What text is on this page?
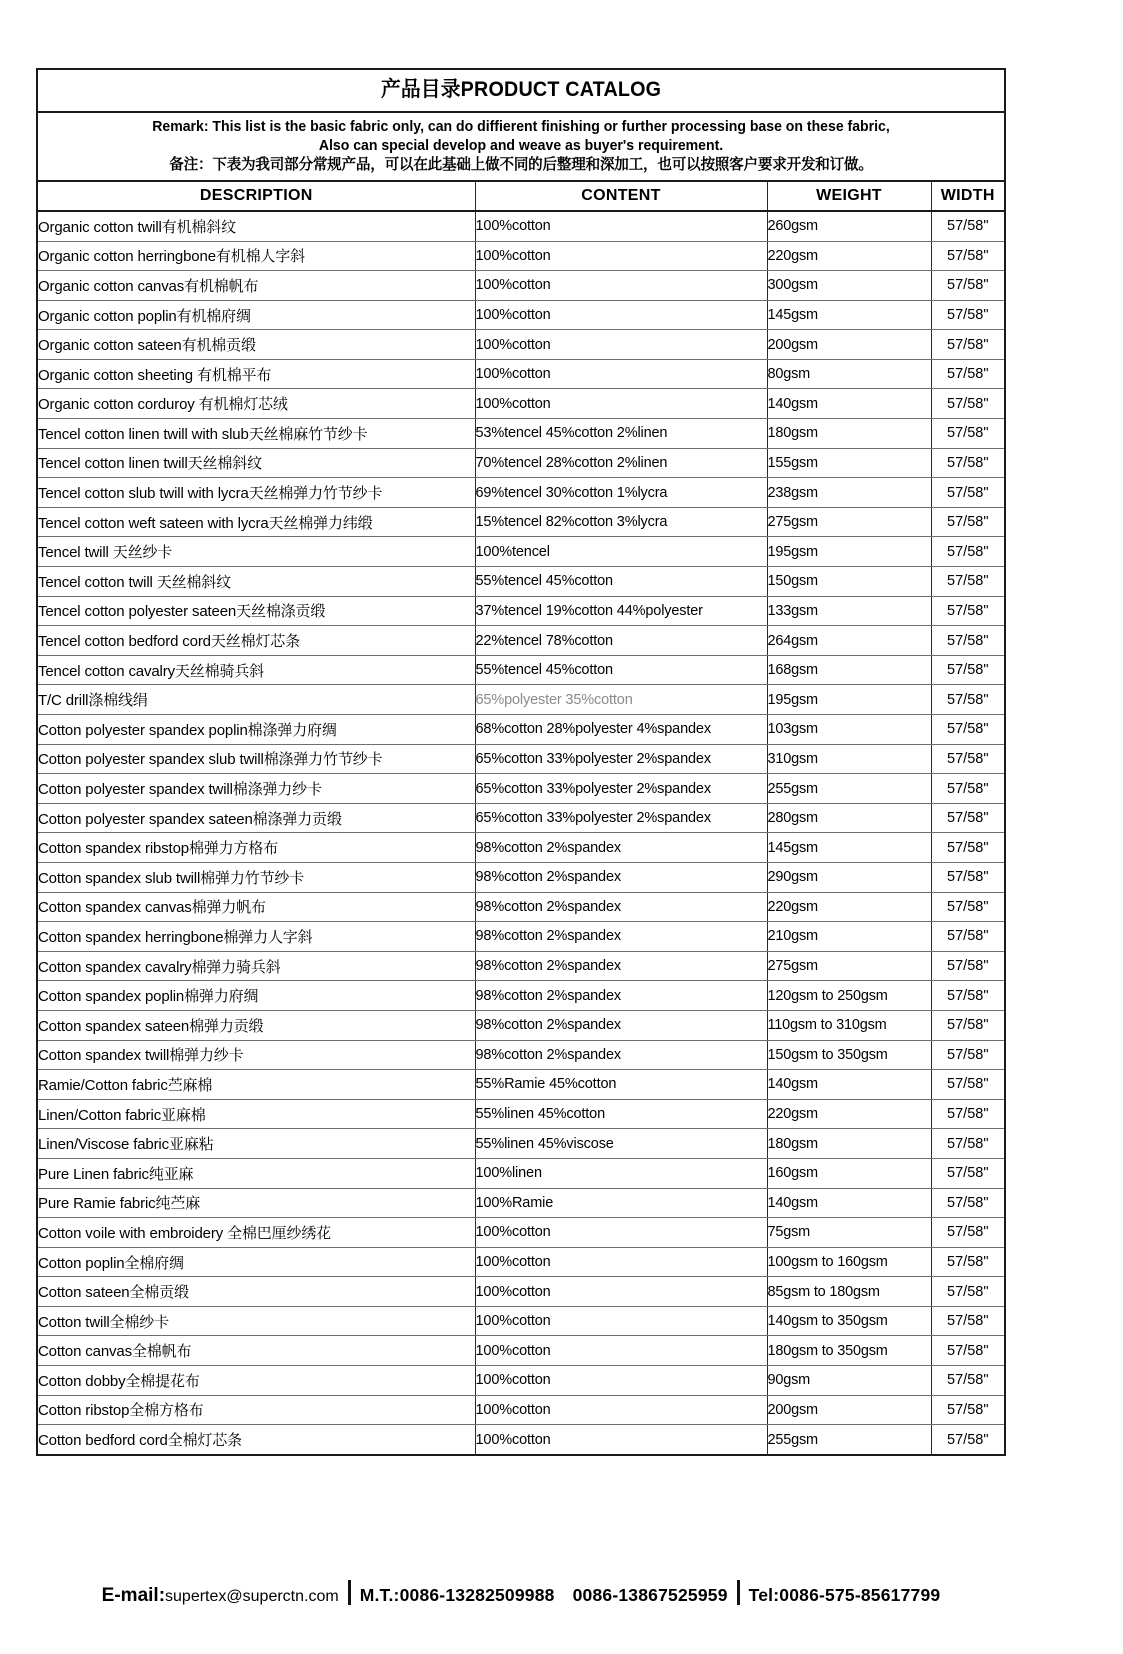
产品目录PRODUCT CATALOG
Remark: This list is the basic fabric only, can do diffierent finishing or further processing base on these fabric,
Also can special develop and weave as buyer's requirement.
备注：下表为我司部分常规产品，可以在此基础上做不同的后整理和深加工，也可以按照客户要求开发和订做。
DESCRIPTION	CONTENT	WEIGHT	WIDTH
Organic cotton twill有机棉斜纹	100%cotton	260gsm	57/58"
Organic cotton herringbone有机棉人字斜	100%cotton	220gsm	57/58"
Organic cotton canvas有机棉帆布	100%cotton	300gsm	57/58"
Organic cotton poplin有机棉府绸	100%cotton	145gsm	57/58"
Organic cotton sateen有机棉贡缎	100%cotton	200gsm	57/58"
Organic cotton sheeting 有机棉平布	100%cotton	80gsm	57/58"
Organic cotton corduroy 有机棉灯芯绒	100%cotton	140gsm	57/58"
Tencel cotton linen twill with slub天丝棉麻竹节纱卡	53%tencel 45%cotton 2%linen	180gsm	57/58"
Tencel cotton linen twill天丝棉斜纹	70%tencel 28%cotton 2%linen	155gsm	57/58"
Tencel cotton slub twill with lycra天丝棉弹力竹节纱卡	69%tencel 30%cotton 1%lycra	238gsm	57/58"
Tencel cotton weft sateen with lycra天丝棉弹力纬缎	15%tencel 82%cotton 3%lycra	275gsm	57/58"
Tencel twill 天丝纱卡	100%tencel	195gsm	57/58"
Tencel cotton twill 天丝棉斜纹	55%tencel 45%cotton	150gsm	57/58"
Tencel cotton polyester sateen天丝棉涤贡缎	37%tencel 19%cotton 44%polyester	133gsm	57/58"
Tencel cotton bedford cord天丝棉灯芯条	22%tencel 78%cotton	264gsm	57/58"
Tencel cotton cavalry天丝棉骑兵斜	55%tencel 45%cotton	168gsm	57/58"
T/C drill涤棉线绢	65%polyester 35%cotton	195gsm	57/58"
Cotton polyester spandex poplin棉涤弹力府绸	68%cotton 28%polyester 4%spandex	103gsm	57/58"
Cotton polyester spandex slub twill棉涤弹力竹节纱卡	65%cotton 33%polyester 2%spandex	310gsm	57/58"
Cotton polyester spandex twill棉涤弹力纱卡	65%cotton 33%polyester 2%spandex	255gsm	57/58"
Cotton polyester spandex sateen棉涤弹力贡缎	65%cotton 33%polyester 2%spandex	280gsm	57/58"
Cotton spandex ribstop棉弹力方格布	98%cotton 2%spandex	145gsm	57/58"
Cotton spandex slub twill棉弹力竹节纱卡	98%cotton 2%spandex	290gsm	57/58"
Cotton spandex canvas棉弹力帆布	98%cotton 2%spandex	220gsm	57/58"
Cotton spandex herringbone棉弹力人字斜	98%cotton 2%spandex	210gsm	57/58"
Cotton spandex cavalry棉弹力骑兵斜	98%cotton 2%spandex	275gsm	57/58"
Cotton spandex poplin棉弹力府绸	98%cotton 2%spandex	120gsm to 250gsm	57/58"
Cotton spandex sateen棉弹力贡缎	98%cotton 2%spandex	110gsm to 310gsm	57/58"
Cotton spandex twill棉弹力纱卡	98%cotton 2%spandex	150gsm to 350gsm	57/58"
Ramie/Cotton fabric苎麻棉	55%Ramie 45%cotton	140gsm	57/58"
Linen/Cotton fabric亚麻棉	55%linen 45%cotton	220gsm	57/58"
Linen/Viscose fabric亚麻粘	55%linen 45%viscose	180gsm	57/58"
Pure Linen fabric纯亚麻	100%linen	160gsm	57/58"
Pure Ramie fabric纯苎麻	100%Ramie	140gsm	57/58"
Cotton voile with embroidery 全棉巴厘纱绣花	100%cotton	75gsm	57/58"
Cotton poplin全棉府绸	100%cotton	100gsm to 160gsm	57/58"
Cotton sateen全棉贡缎	100%cotton	85gsm to 180gsm	57/58"
Cotton twill全棉纱卡	100%cotton	140gsm to 350gsm	57/58"
Cotton canvas全棉帆布	100%cotton	180gsm to 350gsm	57/58"
Cotton dobby全棉提花布	100%cotton	90gsm	57/58"
Cotton ribstop全棉方格布	100%cotton	200gsm	57/58"
Cotton bedford cord全棉灯芯条	100%cotton	255gsm	57/58"
E-mail: supertex@superctn.com M.T.: 0086-13282509988 0086-13867525959 Tel: 0086-575-85617799
